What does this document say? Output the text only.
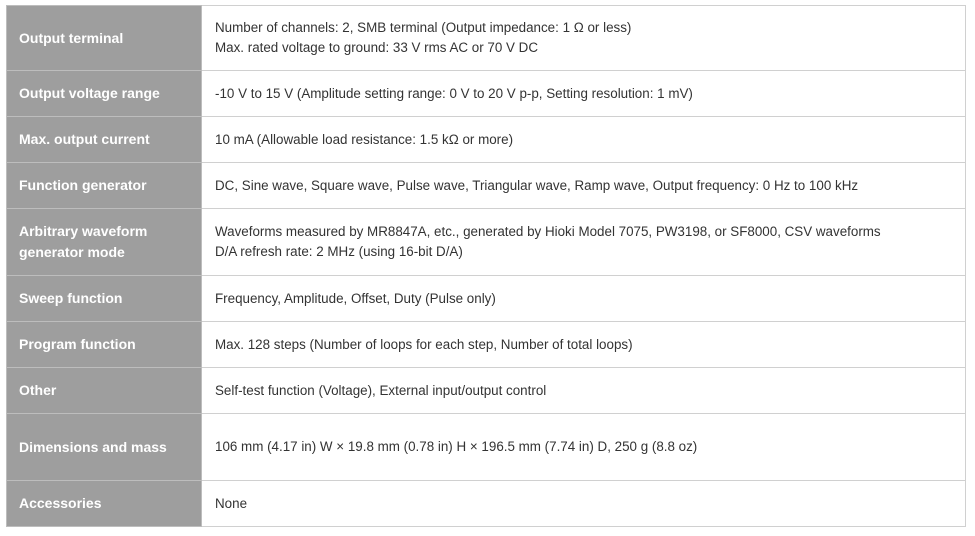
Output terminal	Number of channels: 2, SMB terminal (Output impedance: 1 Ω or less)
Max. rated voltage to ground: 33 V rms AC or 70 V DC

Output voltage range	-10 V to 15 V (Amplitude setting range: 0 V to 20 V p-p, Setting resolution: 1 mV)

Max. output current	10 mA (Allowable load resistance: 1.5 kΩ or more)

Function generator	DC, Sine wave, Square wave, Pulse wave, Triangular wave, Ramp wave, Output frequency: 0 Hz to 100 kHz

Arbitrary waveform generator mode	Waveforms measured by MR8847A, etc., generated by Hioki Model 7075, PW3198, or SF8000, CSV waveforms
D/A refresh rate: 2 MHz (using 16-bit D/A)

Sweep function	Frequency, Amplitude, Offset, Duty (Pulse only)

Program function	Max. 128 steps (Number of loops for each step, Number of total loops)

Other	Self-test function (Voltage), External input/output control

Dimensions and mass	106 mm (4.17 in) W × 19.8 mm (0.78 in) H × 196.5 mm (7.74 in) D, 250 g (8.8 oz)

Accessories	None
